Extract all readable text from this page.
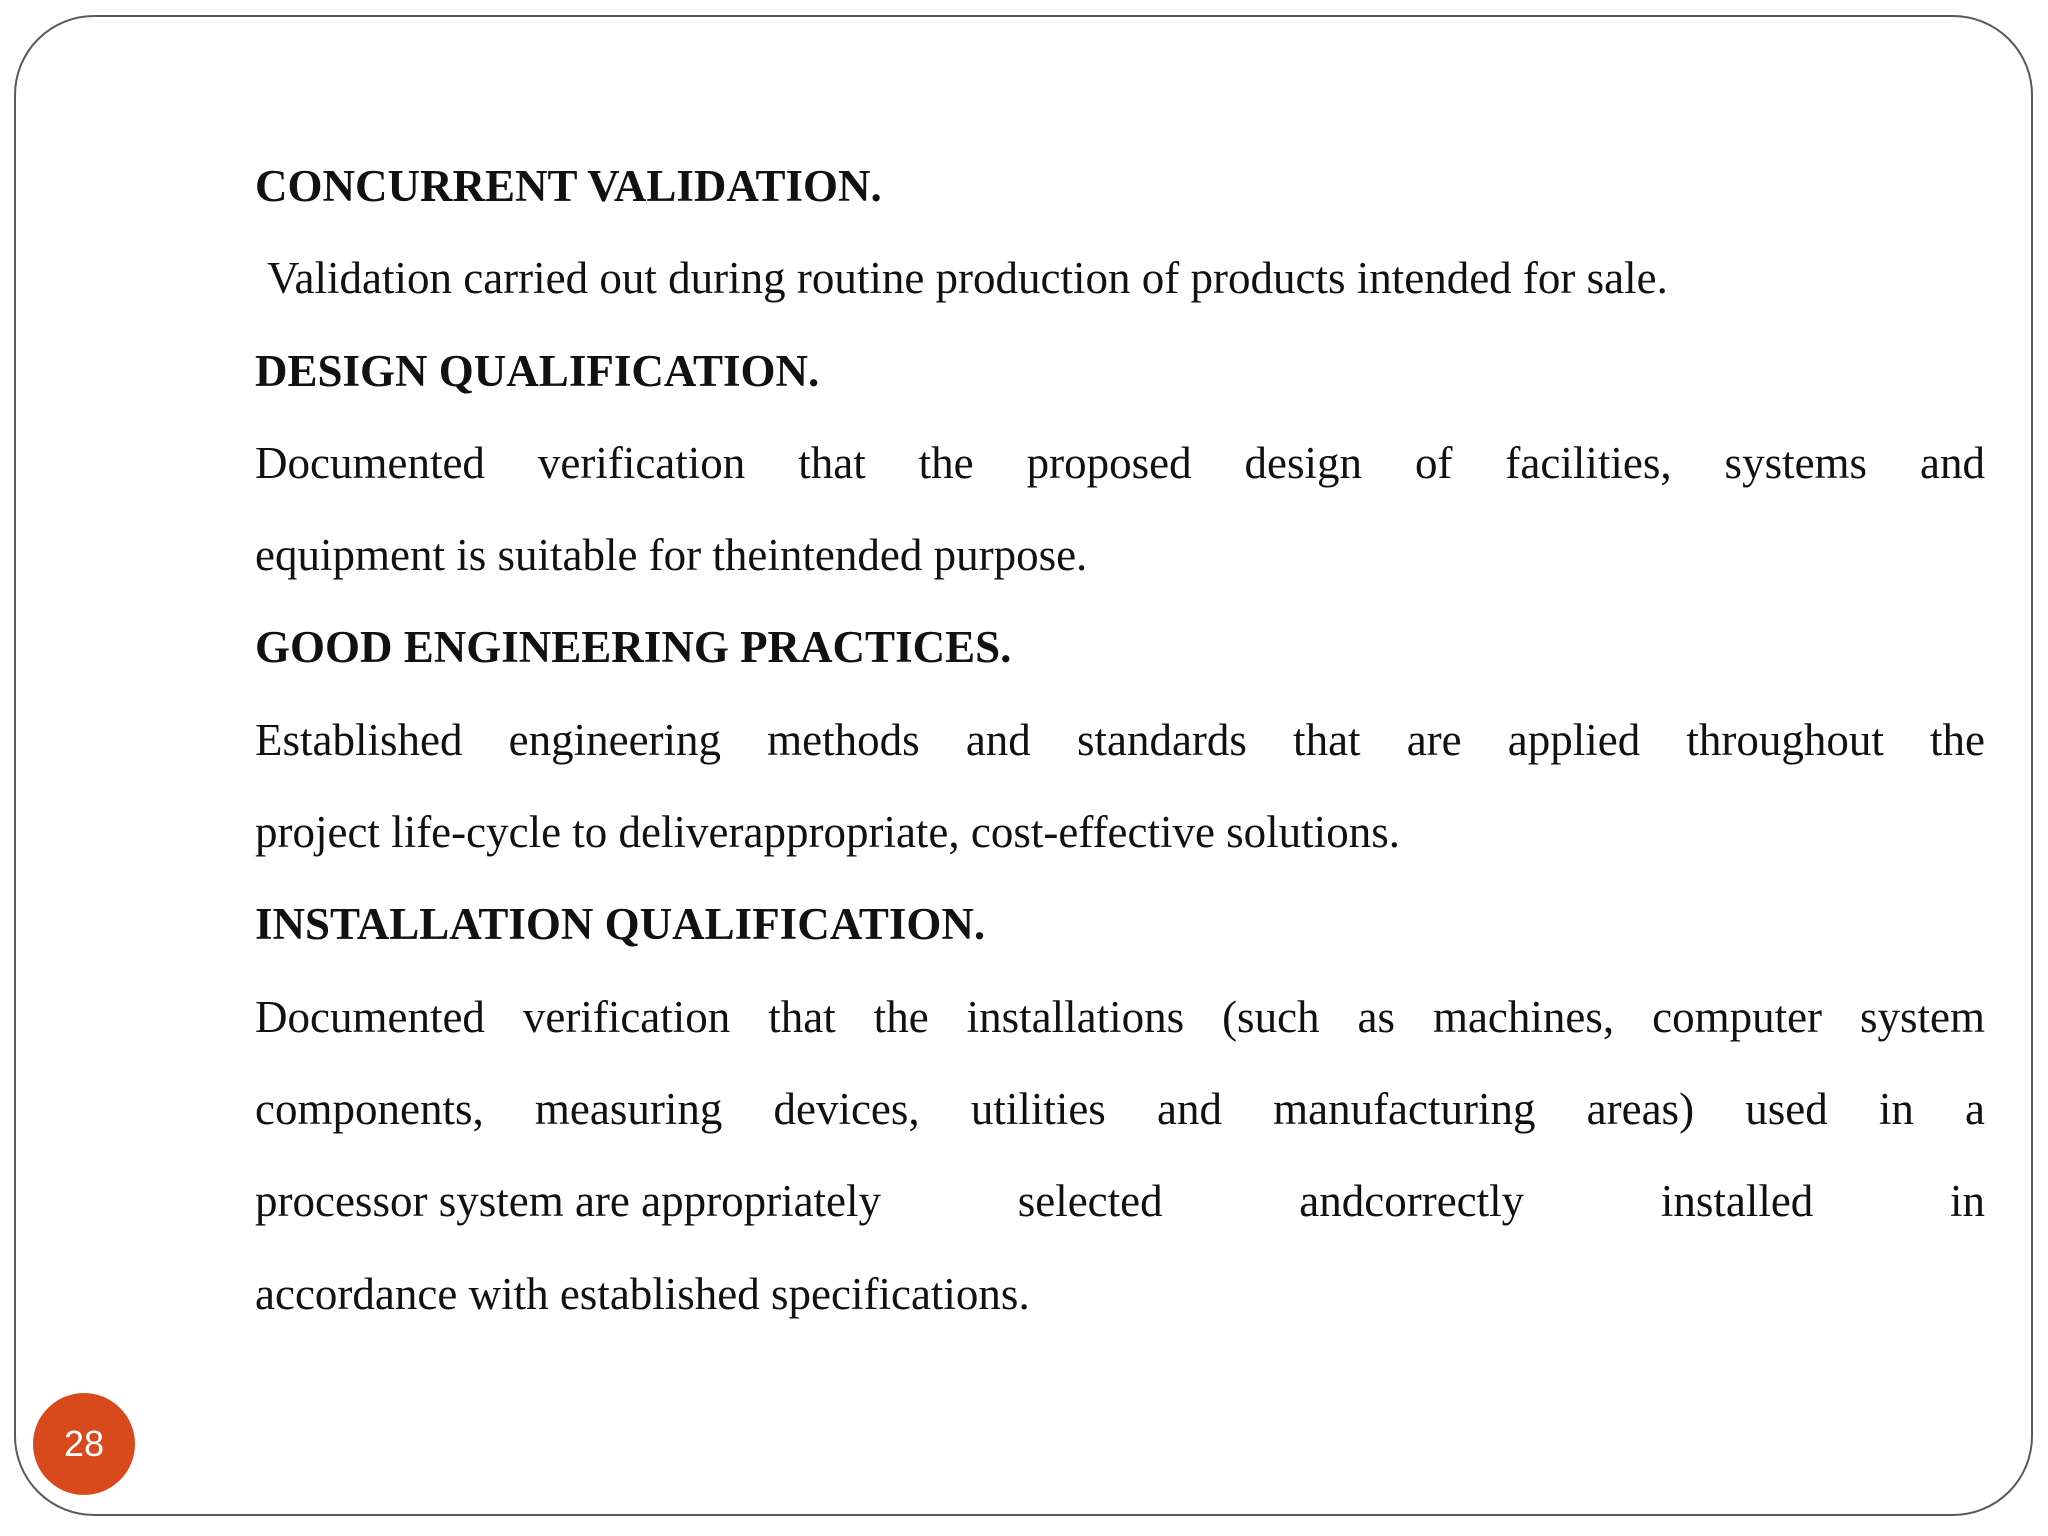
CONCURRENT VALIDATION.
Validation carried out during routine production of products intended for sale.
DESIGN QUALIFICATION.
Documented verification that the proposed design of facilities, systems and
equipment is suitable for theintended purpose.
GOOD ENGINEERING PRACTICES.
Established engineering methods and standards that are applied throughout the
project life-cycle to deliverappropriate, cost-effective solutions.
INSTALLATION QUALIFICATION.
Documented verification that the installations (such as machines, computer system
components, measuring devices, utilities and manufacturing areas) used in a
processor system are appropriately	selected	andcorrectly	installed	in
accordance with established specifications.
28
